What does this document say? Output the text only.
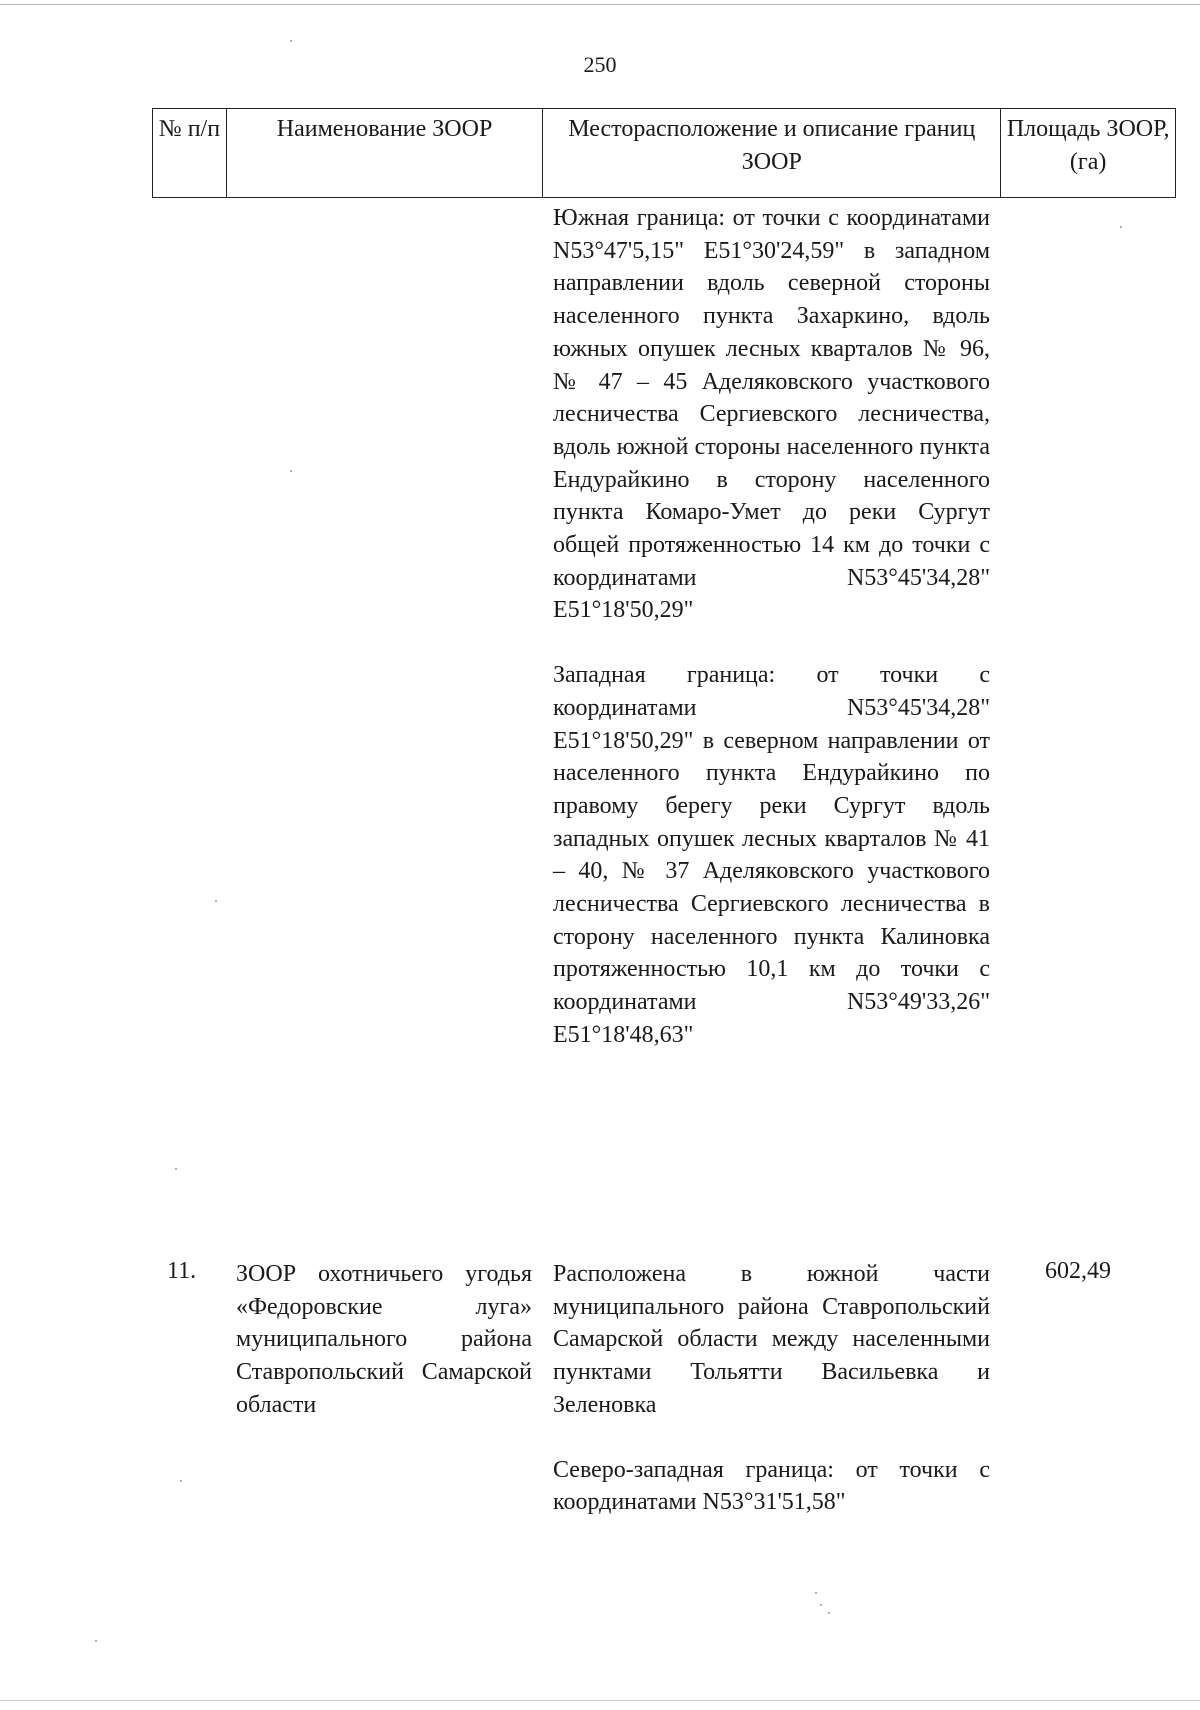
250
№ п/п	Наименование ЗООР	Месторасположение и описание границ ЗООР
Площадь ЗООР, (га)

Южная граница: от точки с координатами N53°47'5,15" E51°30'24,59" в западном направлении вдоль северной стороны населенного пункта Захаркино, вдоль южных опушек лесных кварталов № 96, № 47 – 45 Аделяковского участкового лесничества Сергиевского лесничества, вдоль южной стороны населенного пункта Ендурайкино в сторону населенного пункта Комаро-Умет до реки Сургут общей протяженностью 14 км до точки с координатами N53°45'34,28" E51°18'50,29"

Западная граница: от точки с координатами N53°45'34,28" E51°18'50,29" в северном направлении от населенного пункта Ендурайкино по правому берегу реки Сургут вдоль западных опушек лесных кварталов № 41 – 40, № 37 Аделяковского участкового лесничества Сергиевского лесничества в сторону населенного пункта Калиновка протяженностью 10,1 км до точки с координатами N53°49'33,26" E51°18'48,63"

11. ЗООР охотничьего угодья «Федоровские луга» муниципального района Ставропольский Самарской области

Расположена в южной части муниципального района Ставропольский Самарской области между населенными пунктами Тольятти Васильевка и Зеленовка

Северо-западная граница: от точки с координатами N53°31'51,58"

602,49
